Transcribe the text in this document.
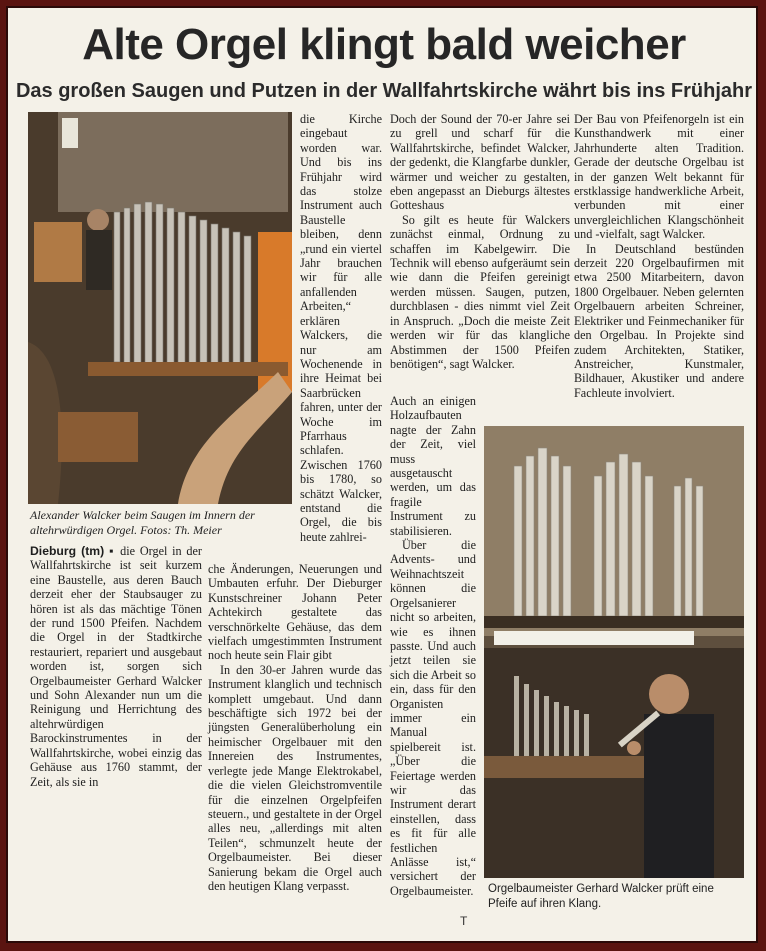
Alte Orgel klingt bald weicher
Das großen Saugen und Putzen in der Wallfahrtskirche währt bis ins Frühjahr
Alexander Walcker beim Saugen im Innern der altehrwürdigen Orgel. Fotos: Th. Meier

Dieburg (tm) ▪ die Orgel in der Wallfahrtskirche ist seit kurzem eine Baustelle, aus deren Bauch derzeit eher der Staubsauger zu hören ist als das mächtige Tönen der rund 1500 Pfeifen. Nachdem die Orgel in der Stadtkirche restauriert, repariert und ausgebaut worden ist, sorgen sich Orgelbaumeister Gerhard Walcker und Sohn Alexander nun um die Reinigung und Herrichtung des altehrwürdigen Barockinstrumentes in der Wallfahrtskirche, wobei einzig das Gehäuse aus 1760 stammt, der Zeit, als sie in

die Kirche eingebaut worden war. Und bis ins Frühjahr wird das stolze Instrument auch Baustelle bleiben, denn „rund ein viertel Jahr brauchen wir für alle anfallenden Arbeiten,“ erklären Walckers, die nur am Wochenende in ihre Heimat bei Saarbrücken fahren, unter der Woche im Pfarrhaus schlafen. Zwischen 1760 bis 1780, so schätzt Walcker, entstand die Orgel, die bis heute zahlrei-

che Änderungen, Neuerungen und Umbauten erfuhr. Der Dieburger Kunstschreiner Johann Peter Achtekirch gestaltete das verschnörkelte Gehäuse, das dem vielfach umgestimmten Instrument noch heute sein Flair gibt

In den 30-er Jahren wurde das Instrument klanglich und technisch komplett umgebaut. Und dann beschäftigte sich 1972 bei der jüngsten Generalüberholung ein heimischer Orgelbauer mit den Innereien des Instrumentes, verlegte jede Mange Elektrokabel, die die vielen Gleichstromventile für die einzelnen Orgelpfeifen steuern., und gestaltete in der Orgel alles neu, „allerdings mit alten Teilen“, schmunzelt heute der Orgelbaumeister. Bei dieser Sanierung bekam die Orgel auch den heutigen Klang verpasst.

Doch der Sound der 70-er Jahre sei zu grell und scharf für die Wallfahrtskirche, befindet Walcker, der gedenkt, die Klangfarbe dunkler, wärmer und weicher zu gestalten, eben angepasst an Dieburgs ältestes Gotteshaus

So gilt es heute für Walckers zunächst einmal, Ordnung zu schaffen im Kabelgewirr. Die Technik will ebenso aufgeräumt sein wie dann die Pfeifen gereinigt werden müssen. Saugen, putzen, durchblasen - dies nimmt viel Zeit in Anspruch. „Doch die meiste Zeit werden wir für das klangliche Abstimmen der 1500 Pfeifen benötigen“, sagt Walcker.

Auch an einigen Holzaufbauten nagte der Zahn der Zeit, viel muss ausgetauscht werden, um das fragile Instrument zu stabilisieren.

Über die Advents- und Weihnachtszeit können die Orgelsanierer nicht so arbeiten, wie es ihnen passte. Und auch jetzt teilen sie sich die Arbeit so ein, dass für den Organisten immer ein Manual spielbereit ist. „Über die Feiertage werden wir das Instrument derart einstellen, dass es fit für alle festlichen Anlässe ist,“ versichert der Orgelbaumeister.

Der Bau von Pfeifenorgeln ist ein Kunsthandwerk mit einer Jahrhunderte alten Tradition. Gerade der deutsche Orgelbau ist in der ganzen Welt bekannt für erstklassige handwerkliche Arbeit, verbunden mit einer unvergleichlichen Klangschönheit und -vielfalt, sagt Walcker.

In Deutschland bestünden derzeit 220 Orgelbaufirmen mit etwa 2500 Mitarbeitern, davon 1800 Orgelbauer. Neben gelernten Orgelbauern arbeiten Schreiner, Elektriker und Feinmechaniker für den Orgelbau. In Projekte sind zudem Architekten, Statiker, Anstreicher, Kunstmaler, Bildhauer, Akustiker und andere Fachleute involviert.

Orgelbaumeister Gerhard Walcker prüft eine Pfeife auf ihren Klang.
T
